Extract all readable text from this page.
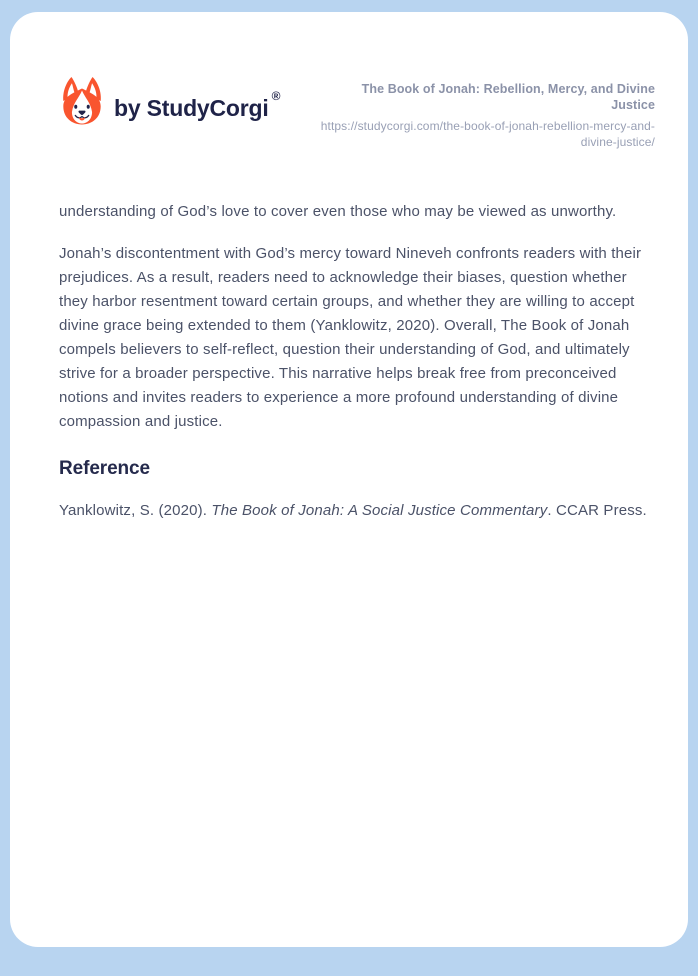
by StudyCorgi ®	The Book of Jonah: Rebellion, Mercy, and Divine Justice
https://studycorgi.com/the-book-of-jonah-rebellion-mercy-and-divine-justice/

understanding of God’s love to cover even those who may be viewed as unworthy.

Jonah’s discontentment with God’s mercy toward Nineveh confronts readers with their prejudices. As a result, readers need to acknowledge their biases, question whether they harbor resentment toward certain groups, and whether they are willing to accept divine grace being extended to them (Yanklowitz, 2020). Overall, The Book of Jonah compels believers to self-reflect, question their understanding of God, and ultimately strive for a broader perspective. This narrative helps break free from preconceived notions and invites readers to experience a more profound understanding of divine compassion and justice.

Reference

Yanklowitz, S. (2020). The Book of Jonah: A Social Justice Commentary. CCAR Press.
